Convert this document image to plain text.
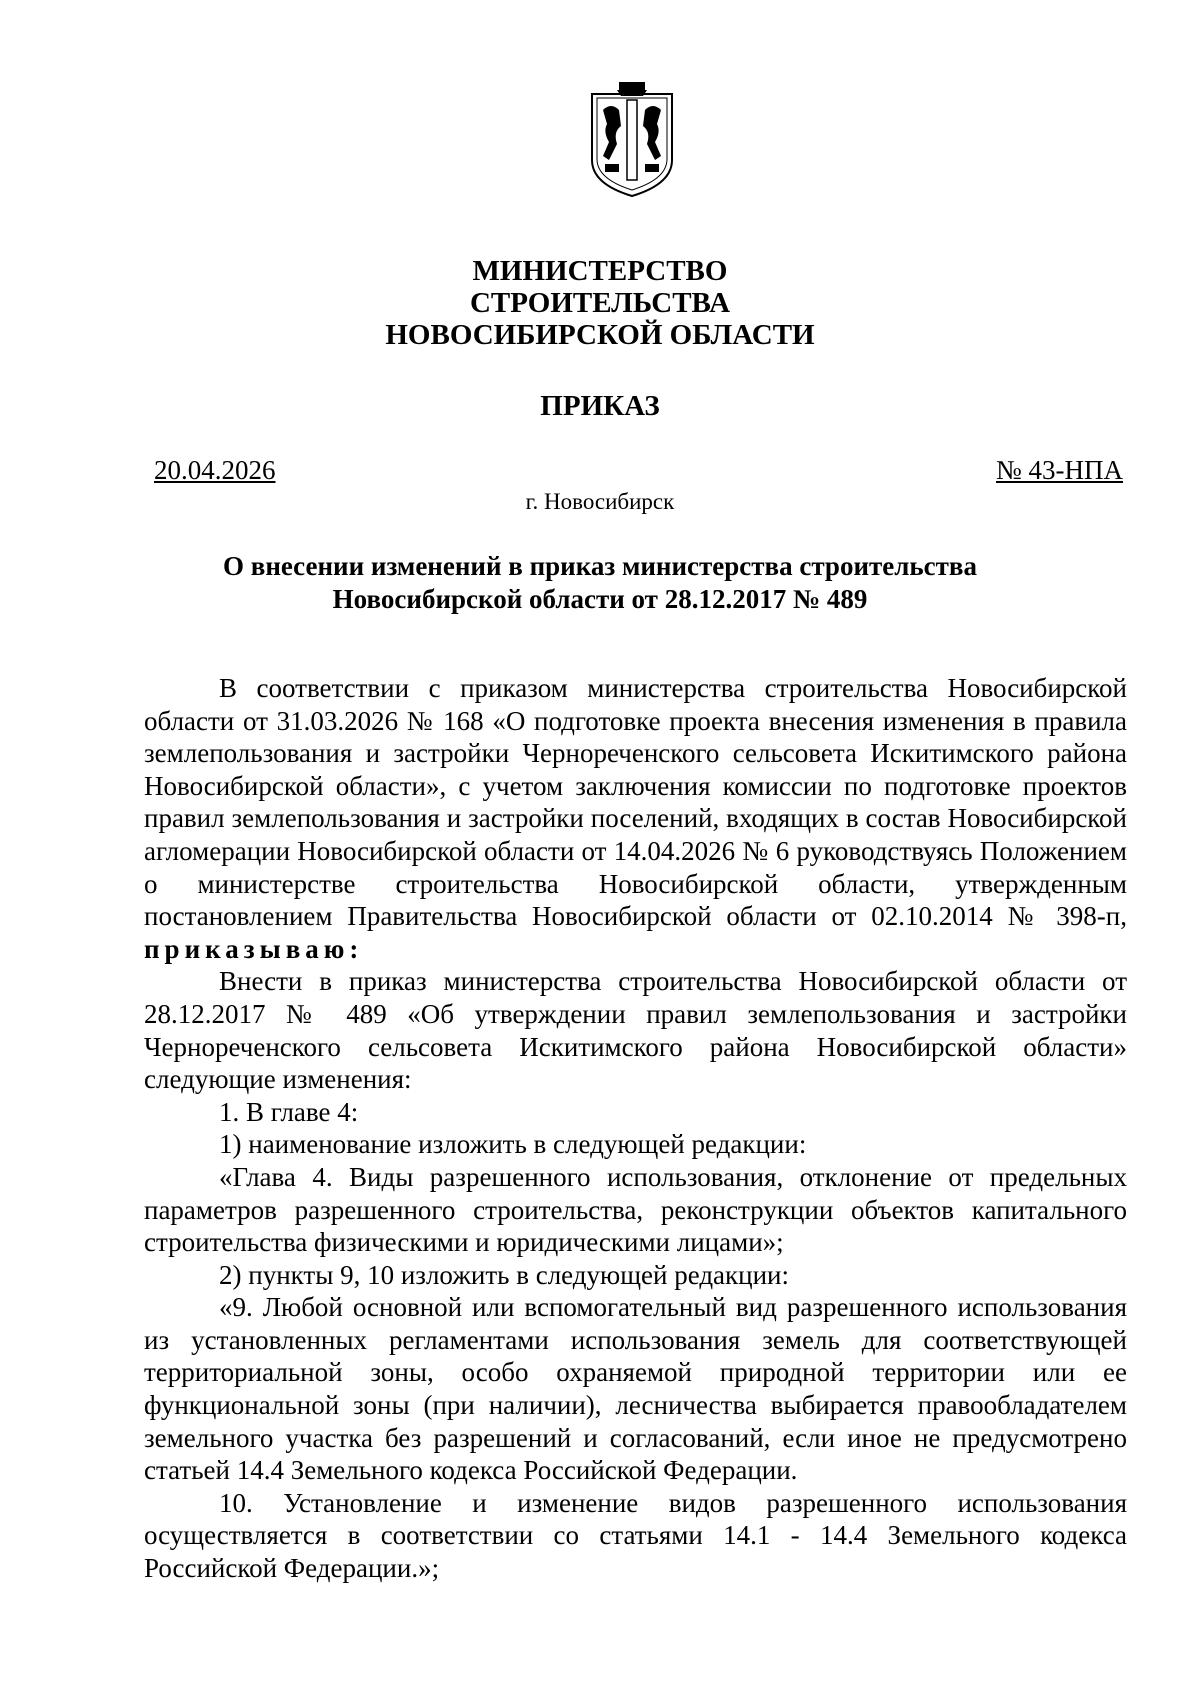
МИНИСТЕРСТВО
СТРОИТЕЛЬСТВА
НОВОСИБИРСКОЙ ОБЛАСТИ
ПРИКАЗ
20.04.2026	№ 43-НПА
г. Новосибирск
О внесении изменений в приказ министерства строительства
Новосибирской области от 28.12.2017 № 489

В соответствии с приказом министерства строительства Новосибирской области от 31.03.2026 № 168 «О подготовке проекта внесения изменения в правила землепользования и застройки Чернореченского сельсовета Искитимского района Новосибирской области», с учетом заключения комиссии по подготовке проектов правил землепользования и застройки поселений, входящих в состав Новосибирской агломерации Новосибирской области от 14.04.2026 № 6 руководствуясь Положением о министерстве строительства Новосибирской области, утвержденным постановлением Правительства Новосибирской области от 02.10.2014 № 398-п, приказываю:

Внести в приказ министерства строительства Новосибирской области от 28.12.2017 № 489 «Об утверждении правил землепользования и застройки Чернореченского сельсовета Искитимского района Новосибирской области» следующие изменения:

1. В главе 4:

1) наименование изложить в следующей редакции:

«Глава 4. Виды разрешенного использования, отклонение от предельных параметров разрешенного строительства, реконструкции объектов капитального строительства физическими и юридическими лицами»;

2) пункты 9, 10 изложить в следующей редакции:

«9. Любой основной или вспомогательный вид разрешенного использования из установленных регламентами использования земель для соответствующей территориальной зоны, особо охраняемой природной территории или ее функциональной зоны (при наличии), лесничества выбирается правообладателем земельного участка без разрешений и согласований, если иное не предусмотрено статьей 14.4 Земельного кодекса Российской Федерации.

10. Установление и изменение видов разрешенного использования осуществляется в соответствии со статьями 14.1 - 14.4 Земельного кодекса Российской Федерации.»;
